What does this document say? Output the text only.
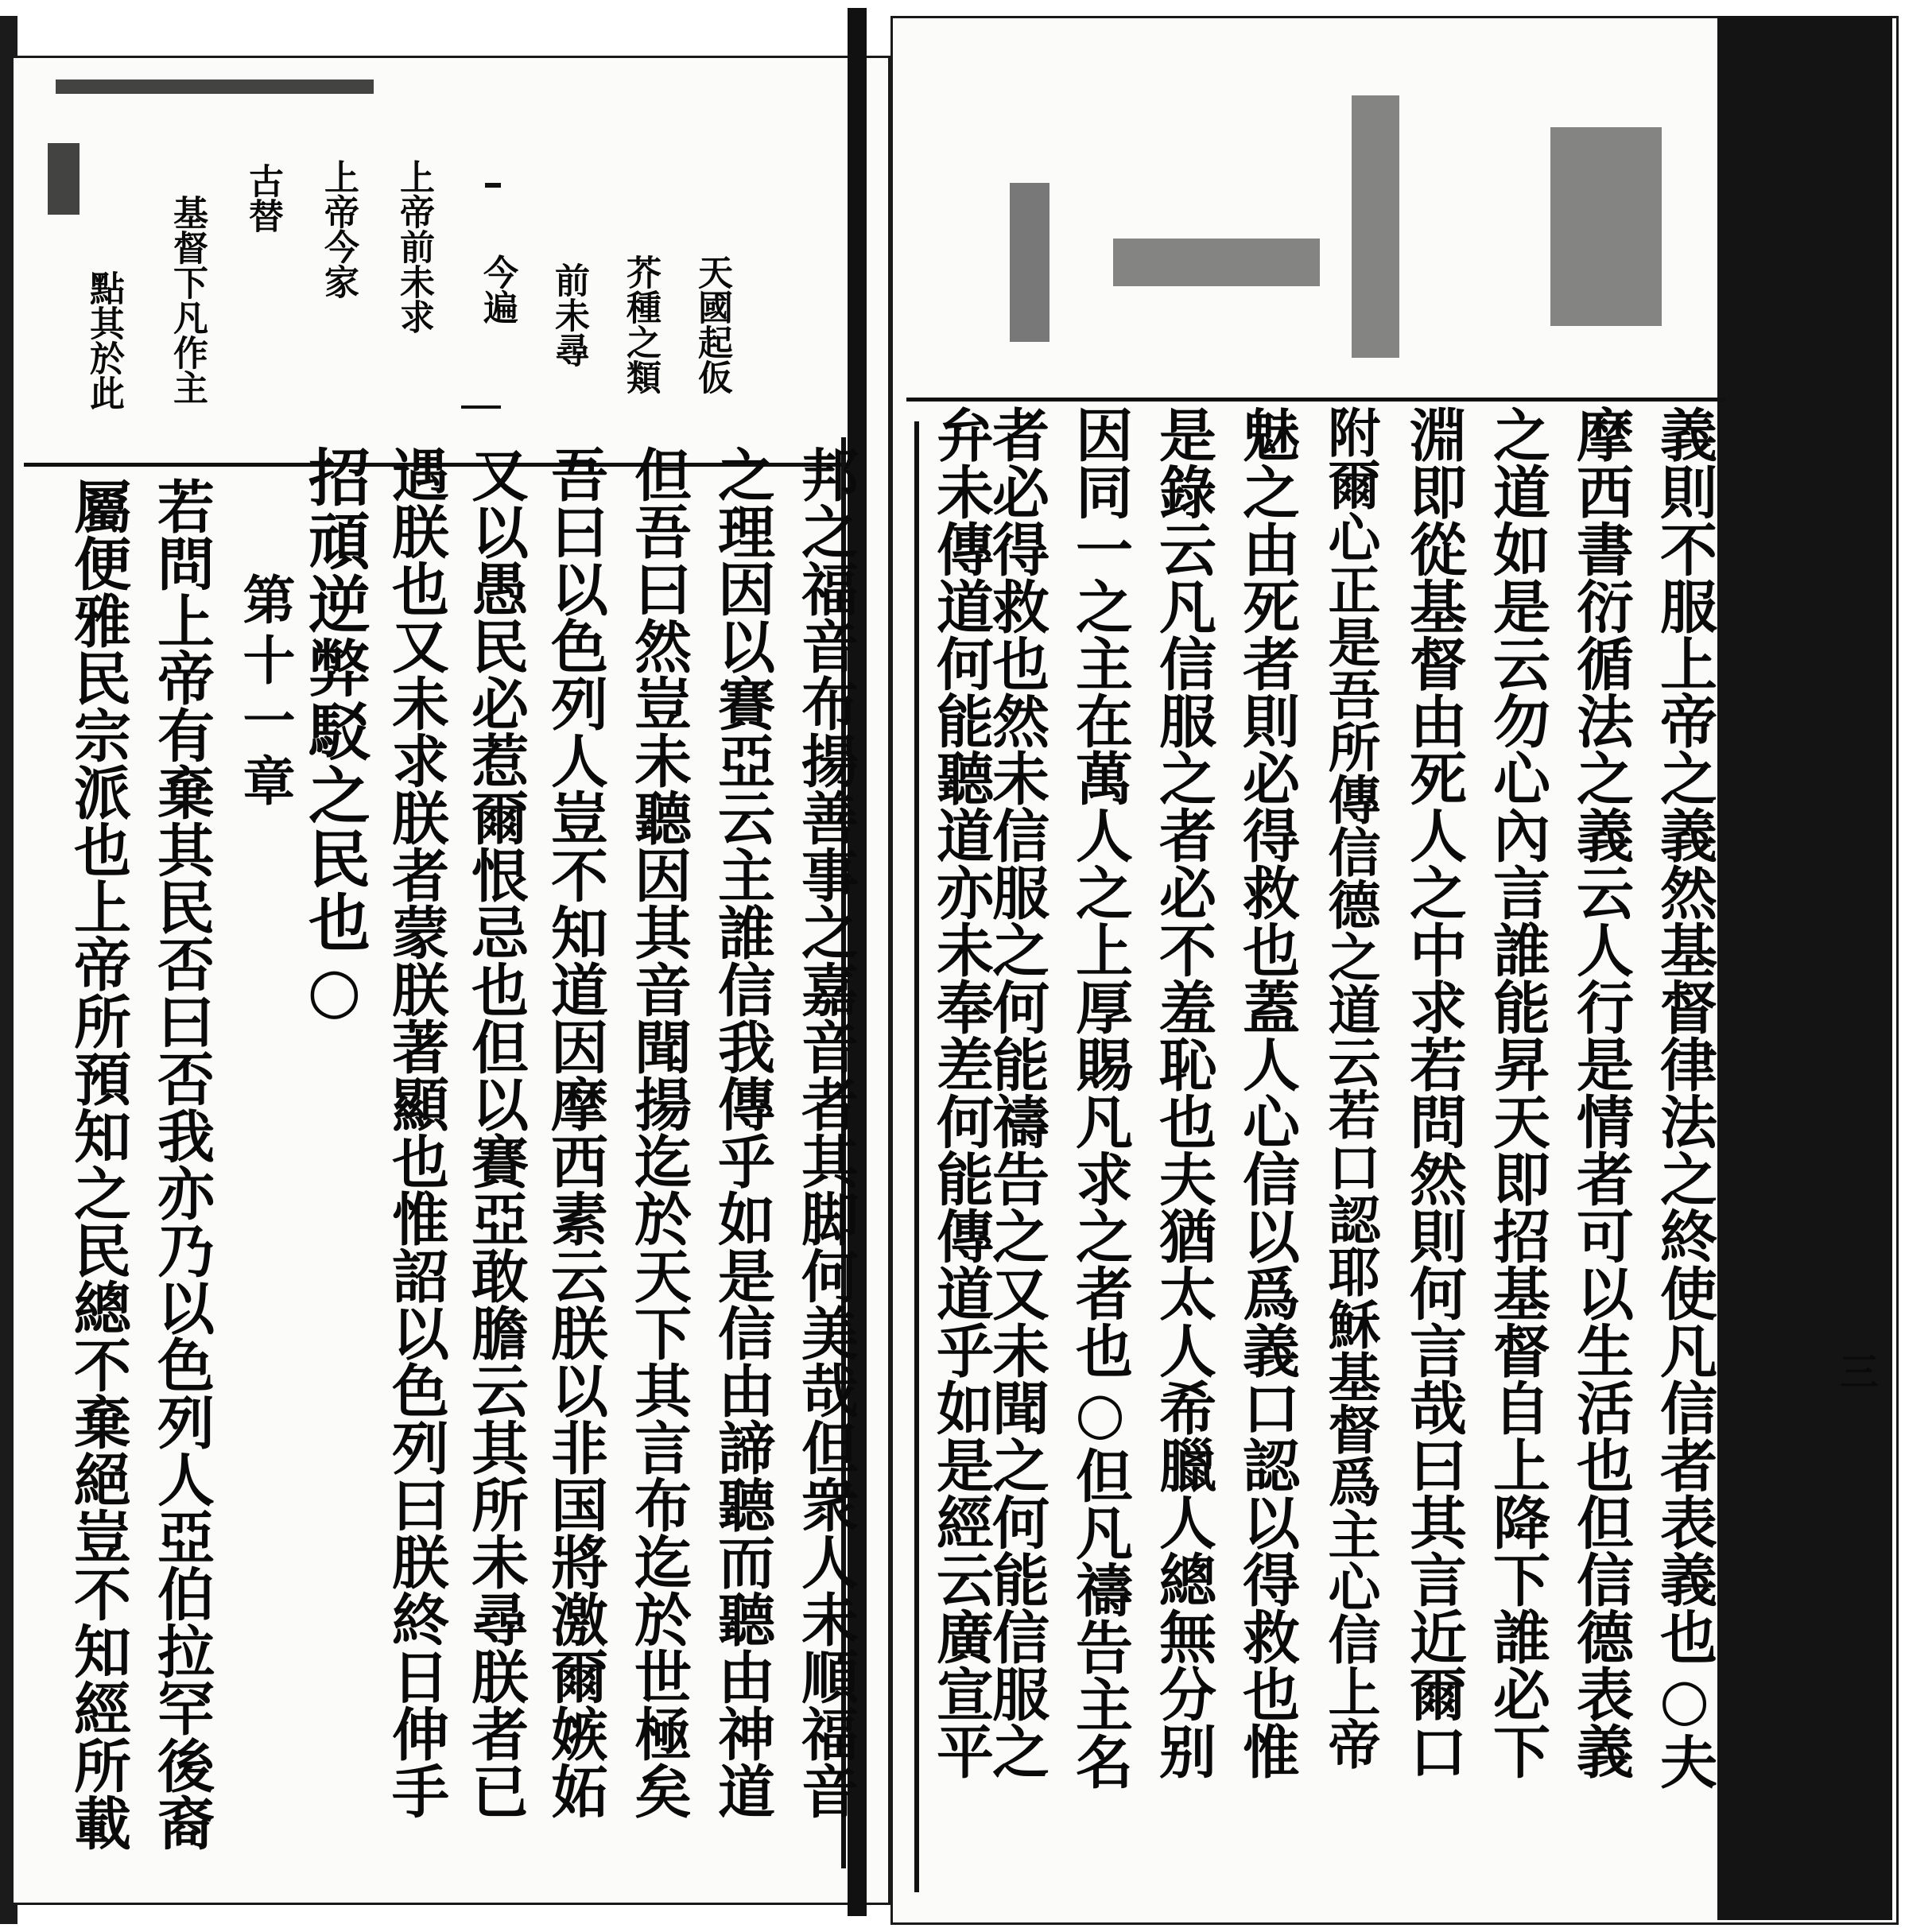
天國起仮
芥種之類
前未尋
今遍
上帝前未求
上帝今家
古替
基督下凡作主
點其於此
邦之福音布揚善事之嘉音者其脚何美哉但衆人未順福音
之理因以賽亞云主誰信我傳乎如是信由諦聽而聽由神道
但吾曰然豈未聽因其音聞揚迄於天下其言布迄於世極矣
吾曰以色列人豈不知道因摩西素云朕以非国將激爾嫉妬
又以愚民必惹爾恨忌也但以賽亞敢膽云其所未尋朕者已
遇朕也又未求朕者蒙朕著顯也惟詔以色列曰朕終日伸手
招頑逆弊駁之民也○
第十一章
若問上帝有棄其民否曰否我亦乃以色列人亞伯拉罕後裔
屬便雅民宗派也上帝所預知之民總不棄絕豈不知經所載	義則不服上帝之義然基督律法之終使凡信者表義也○夫
摩西書衍循法之義云人行是情者可以生活也但信德表義
之道如是云勿心內言誰能昇天即招基督自上降下誰必下
淵即從基督由死人之中求若問然則何言哉曰其言近爾口
附爾心正是吾所傳信德之道云若口認耶穌基督爲主心信上帝
魅之由死者則必得救也蓋人心信以爲義口認以得救也惟
是錄云凡信服之者必不羞恥也夫猶太人希臘人總無分别
因同一之主在萬人之上厚賜凡求之者也○但凡禱告主名
者必得救也然未信服之何能禱告之又未聞之何能信服之
弁未傳道何能聽道亦未奉差何能傳道乎如是經云廣宣平	三
